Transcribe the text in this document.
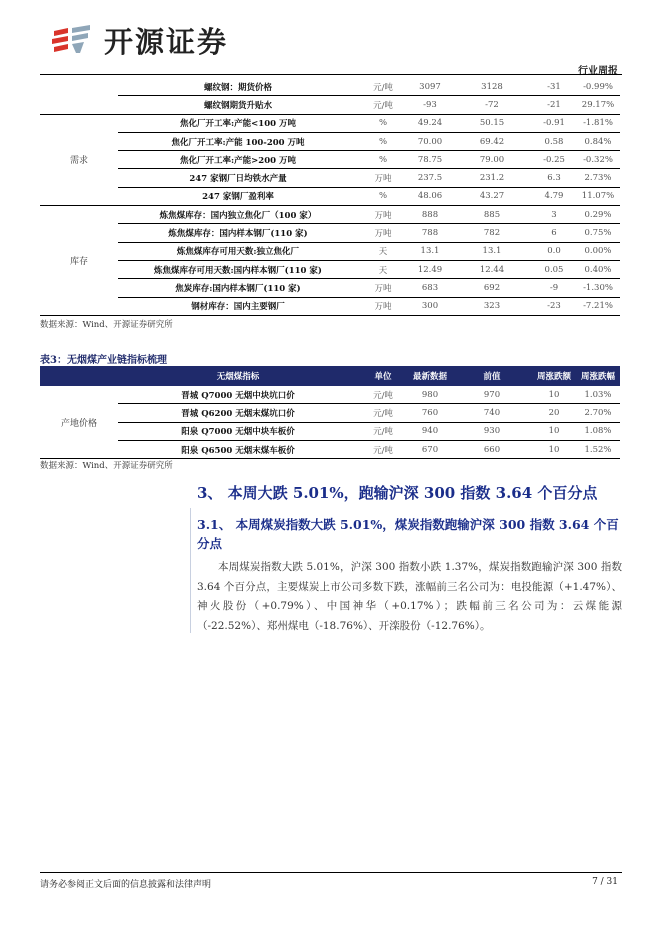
开源证券
行业周报
	螺纹钢：期货价格	元/吨	3097	3128	-31	-0.99%
	螺纹钢期货升贴水	元/吨	-93	-72	-21	29.17%
需求	焦化厂开工率:产能<100 万吨	%	49.24	50.15	-0.91	-1.81%
	焦化厂开工率:产能 100-200 万吨	%	70.00	69.42	0.58	0.84%
	焦化厂开工率:产能>200 万吨	%	78.75	79.00	-0.25	-0.32%
	247 家钢厂日均铁水产量	万吨	237.5	231.2	6.3	2.73%
	247 家钢厂盈利率	%	48.06	43.27	4.79	11.07%
库存	炼焦煤库存：国内独立焦化厂（100 家）	万吨	888	885	3	0.29%
	炼焦煤库存：国内样本钢厂(110 家)	万吨	788	782	6	0.75%
	炼焦煤库存可用天数:独立焦化厂	天	13.1	13.1	0.0	0.00%
	炼焦煤库存可用天数:国内样本钢厂(110 家)	天	12.49	12.44	0.05	0.40%
	焦炭库存:国内样本钢厂(110 家)	万吨	683	692	-9	-1.30%
	钢材库存：国内主要钢厂	万吨	300	323	-23	-7.21%
数据来源：Wind、开源证券研究所
表3：无烟煤产业链指标梳理
	无烟煤指标	单位	最新数据	前值	周涨跌额	周涨跌幅
产地价格	晋城 Q7000 无烟中块坑口价	元/吨	980	970	10	1.03%
	晋城 Q6200 无烟末煤坑口价	元/吨	760	740	20	2.70%
	阳泉 Q7000 无烟中块车板价	元/吨	940	930	10	1.08%
	阳泉 Q6500 无烟末煤车板价	元/吨	670	660	10	1.52%
数据来源：Wind、开源证券研究所
3、 本周大跌 5.01%，跑输沪深 300 指数 3.64 个百分点
3.1、 本周煤炭指数大跌 5.01%，煤炭指数跑输沪深 300 指数 3.64 个百分点
本周煤炭指数大跌 5.01%，沪深 300 指数小跌 1.37%，煤炭指数跑输沪深 300 指数 3.64 个百分点，主要煤炭上市公司多数下跌，涨幅前三名公司为：电投能源（+1.47%）、神火股份（+0.79%）、中国神华（+0.17%）；跌幅前三名公司为：云煤能源（-22.52%）、郑州煤电（-18.76%）、开滦股份（-12.76%）。
请务必参阅正文后面的信息披露和法律声明	7 / 31
